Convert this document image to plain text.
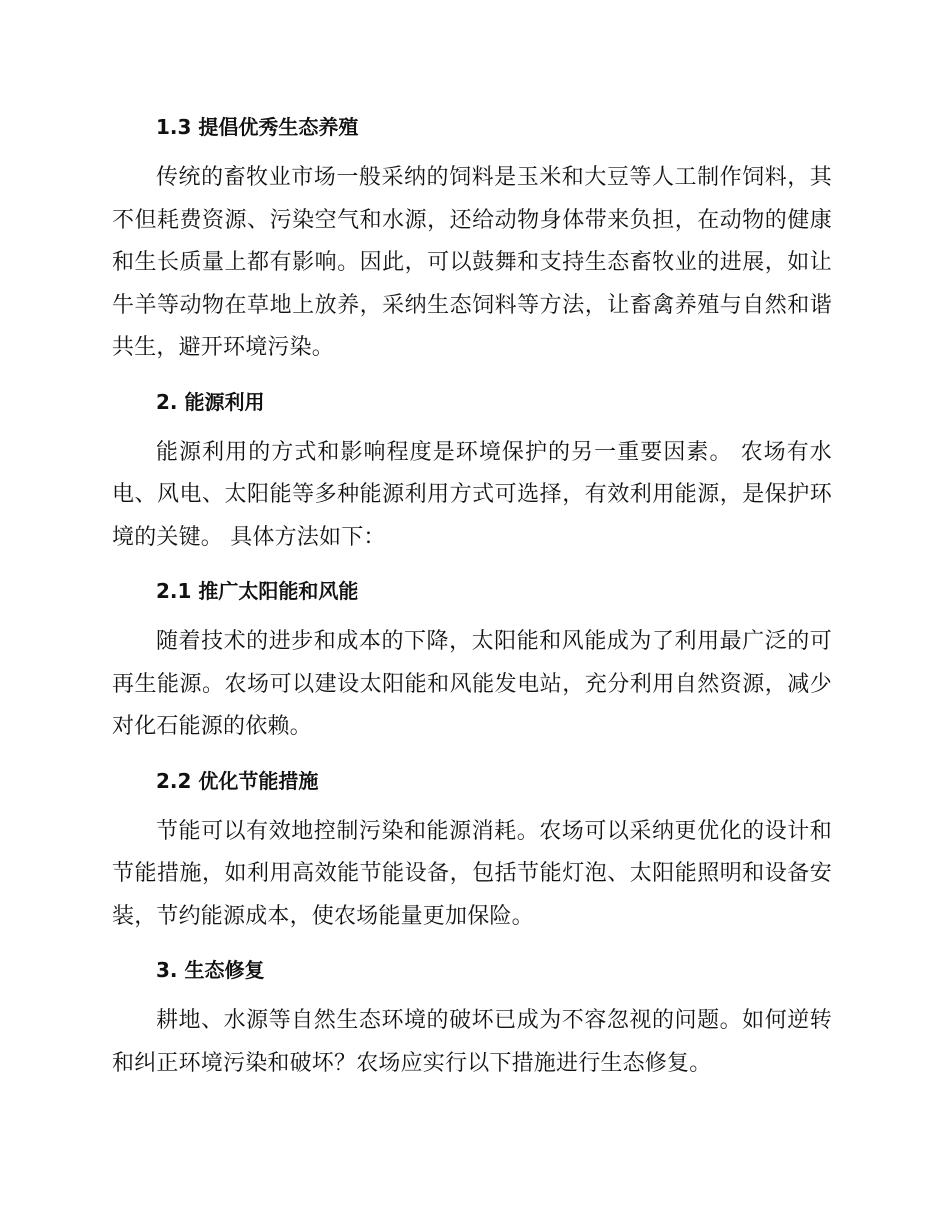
1.3 提倡优秀生态养殖

传统的畜牧业市场一般采纳的饲料是玉米和大豆等人工制作饲料，其不但耗费资源、污染空气和水源，还给动物身体带来负担，在动物的健康和生长质量上都有影响。因此，可以鼓舞和支持生态畜牧业的进展，如让牛羊等动物在草地上放养，采纳生态饲料等方法，让畜禽养殖与自然和谐共生，避开环境污染。

2. 能源利用

能源利用的方式和影响程度是环境保护的另一重要因素。 农场有水电、风电、太阳能等多种能源利用方式可选择，有效利用能源，是保护环境的关键。 具体方法如下：

2.1 推广太阳能和风能

随着技术的进步和成本的下降，太阳能和风能成为了利用最广泛的可再生能源。农场可以建设太阳能和风能发电站，充分利用自然资源，减少对化石能源的依赖。

2.2 优化节能措施

节能可以有效地控制污染和能源消耗。农场可以采纳更优化的设计和节能措施，如利用高效能节能设备，包括节能灯泡、太阳能照明和设备安装，节约能源成本，使农场能量更加保险。

3. 生态修复

耕地、水源等自然生态环境的破坏已成为不容忽视的问题。如何逆转和纠正环境污染和破坏？农场应实行以下措施进行生态修复。
